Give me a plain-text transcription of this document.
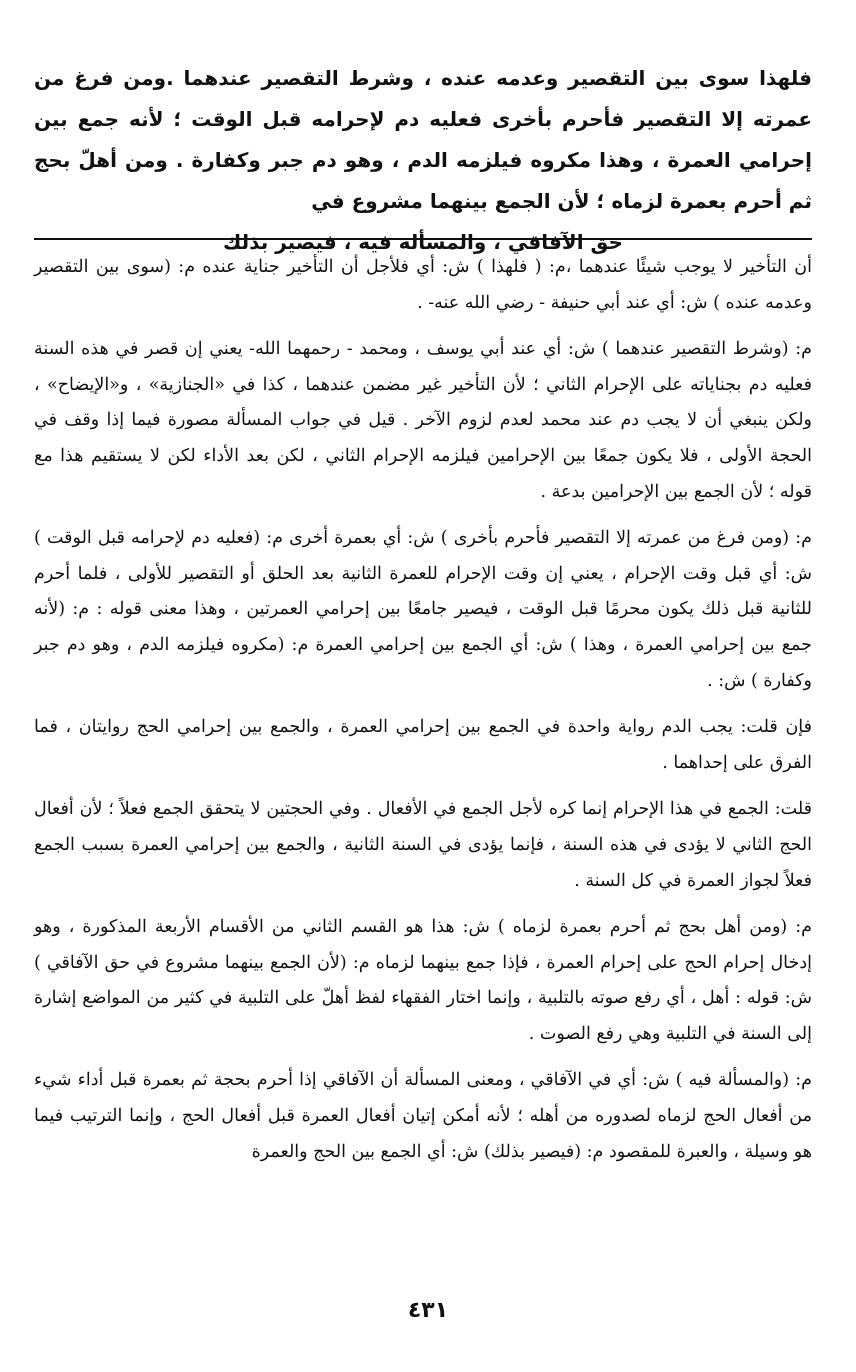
فلهذا سوى بين التقصير وعدمه عنده ، وشرط التقصير عندهما .ومن فرغ من عمرته إلا التقصير فأحرم بأخرى فعليه دم لإحرامه قبل الوقت ؛ لأنه جمع بين إحرامي العمرة ، وهذا مكروه فيلزمه الدم ، وهو دم جبر وكفارة . ومن أهلّ بحج ثم أحرم بعمرة لزماه ؛ لأن الجمع بينهما مشروع في
حق الآفاقي ، والمسألة فيه ، فيصير بذلك

أن التأخير لا يوجب شيئًا عندهما ،م: ( فلهذا ) ش: أي فلأجل أن التأخير جناية عنده م: (سوى بين التقصير وعدمه عنده ) ش: أي عند أبي حنيفة - رضي الله عنه- .

م: (وشرط التقصير عندهما ) ش: أي عند أبي يوسف ، ومحمد - رحمهما الله- يعني إن قصر في هذه السنة فعليه دم بجناياته على الإحرام الثاني ؛ لأن التأخير غير مضمن عندهما ، كذا في «الجنازية» ، و«الإيضاح» ، ولكن ينبغي أن لا يجب دم عند محمد لعدم لزوم الآخر . قيل في جواب المسألة مصورة فيما إذا وقف في الحجة الأولى ، فلا يكون جمعًا بين الإحرامين فيلزمه الإحرام الثاني ، لكن بعد الأداء لكن لا يستقيم هذا مع قوله ؛ لأن الجمع بين الإحرامين بدعة .

م: (ومن فرغ من عمرته إلا التقصير فأحرم بأخرى ) ش: أي بعمرة أخرى م: (فعليه دم لإحرامه قبل الوقت ) ش: أي قبل وقت الإحرام ، يعني إن وقت الإحرام للعمرة الثانية بعد الحلق أو التقصير للأولى ، فلما أحرم للثانية قبل ذلك يكون محرمًا قبل الوقت ، فيصير جامعًا بين إحرامي العمرتين ، وهذا معنى قوله : م: (لأنه جمع بين إحرامي العمرة ، وهذا ) ش: أي الجمع بين إحرامي العمرة م: (مكروه فيلزمه الدم ، وهو دم جبر وكفارة ) ش: .

فإن قلت: يجب الدم رواية واحدة في الجمع بين إحرامي العمرة ، والجمع بين إحرامي الحج روايتان ، فما الفرق على إحداهما .

قلت: الجمع في هذا الإحرام إنما كره لأجل الجمع في الأفعال . وفي الحجتين لا يتحقق الجمع فعلاً ؛ لأن أفعال الحج الثاني لا يؤدى في هذه السنة ، فإنما يؤدى في السنة الثانية ، والجمع بين إحرامي العمرة بسبب الجمع فعلاً لجواز العمرة في كل السنة .

م: (ومن أهل بحج ثم أحرم بعمرة لزماه ) ش: هذا هو القسم الثاني من الأقسام الأربعة المذكورة ، وهو إدخال إحرام الحج على إحرام العمرة ، فإذا جمع بينهما لزماه م: (لأن الجمع بينهما مشروع في حق الآفاقي ) ش: قوله : أهل ، أي رفع صوته بالتلبية ، وإنما اختار الفقهاء لفظ أهلّ على التلبية في كثير من المواضع إشارة إلى السنة في التلبية وهي رفع الصوت .

م: (والمسألة فيه ) ش: أي في الآفاقي ، ومعنى المسألة أن الآفاقي إذا أحرم بحجة ثم بعمرة قبل أداء شيء من أفعال الحج لزماه لصدوره من أهله ؛ لأنه أمكن إتيان أفعال العمرة قبل أفعال الحج ، وإنما الترتيب فيما هو وسيلة ، والعبرة للمقصود م: (فيصير بذلك) ش: أي الجمع بين الحج والعمرة

٤٣١
